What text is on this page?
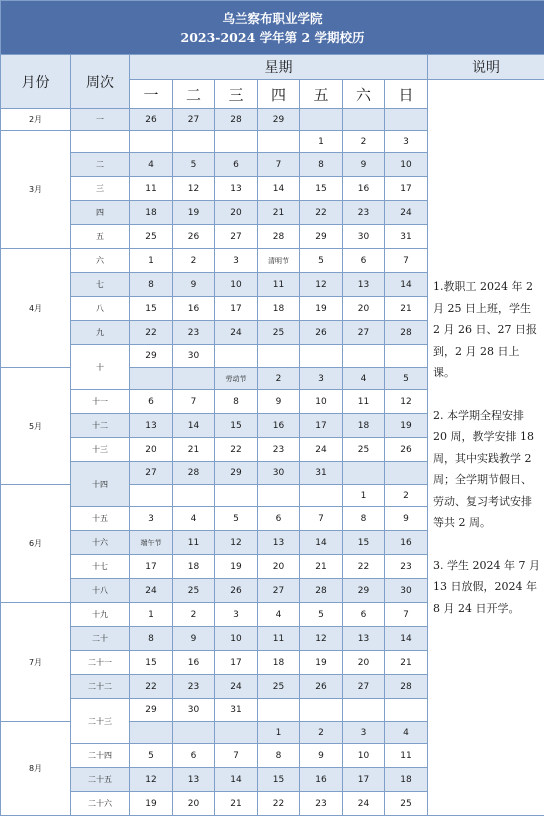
乌兰察布职业学院
2023-2024 学年第 2 学期校历									

月份	周次	星期							说明
		一	二	三	四	五	六	日	1.教职工 2024 年 2 月 25 日上班，学生 2 月 26 日、27 日报到，2 月 28 日上课。

2. 本学期全程安排 20 周，教学安排 18 周，其中实践教学 2 周；全学期节假日、劳动、复习考试安排等共 2 周。

3. 学生 2024 年 7 月 13 日放假，2024 年 8 月 24 日开学。

2月	一	26	27	28	29				
3月						1	2	3	
	二	4	5	6	7	8	9	10	
	三	11	12	13	14	15	16	17	
	四	18	19	20	21	22	23	24	
	五	25	26	27	28	29	30	31	
4月	六	1	2	3	清明节	5	6	7	
	七	8	9	10	11	12	13	14	
	八	15	16	17	18	19	20	21	
	九	22	23	24	25	26	27	28	
	十	29	30						
5月				劳动节	2	3	4	5	
	十一	6	7	8	9	10	11	12	
	十二	13	14	15	16	17	18	19	
	十三	20	21	22	23	24	25	26	
	十四	27	28	29	30	31			
6月							1	2	
	十五	3	4	5	6	7	8	9	
	十六	端午节	11	12	13	14	15	16	
	十七	17	18	19	20	21	22	23	
	十八	24	25	26	27	28	29	30	
7月	十九	1	2	3	4	5	6	7	
	二十	8	9	10	11	12	13	14	
	二十一	15	16	17	18	19	20	21	
	二十二	22	23	24	25	26	27	28	
	二十三	29	30	31					
8月					1	2	3	4	
	二十四	5	6	7	8	9	10	11	
	二十五	12	13	14	15	16	17	18	
	二十六	19	20	21	22	23	24	25	
